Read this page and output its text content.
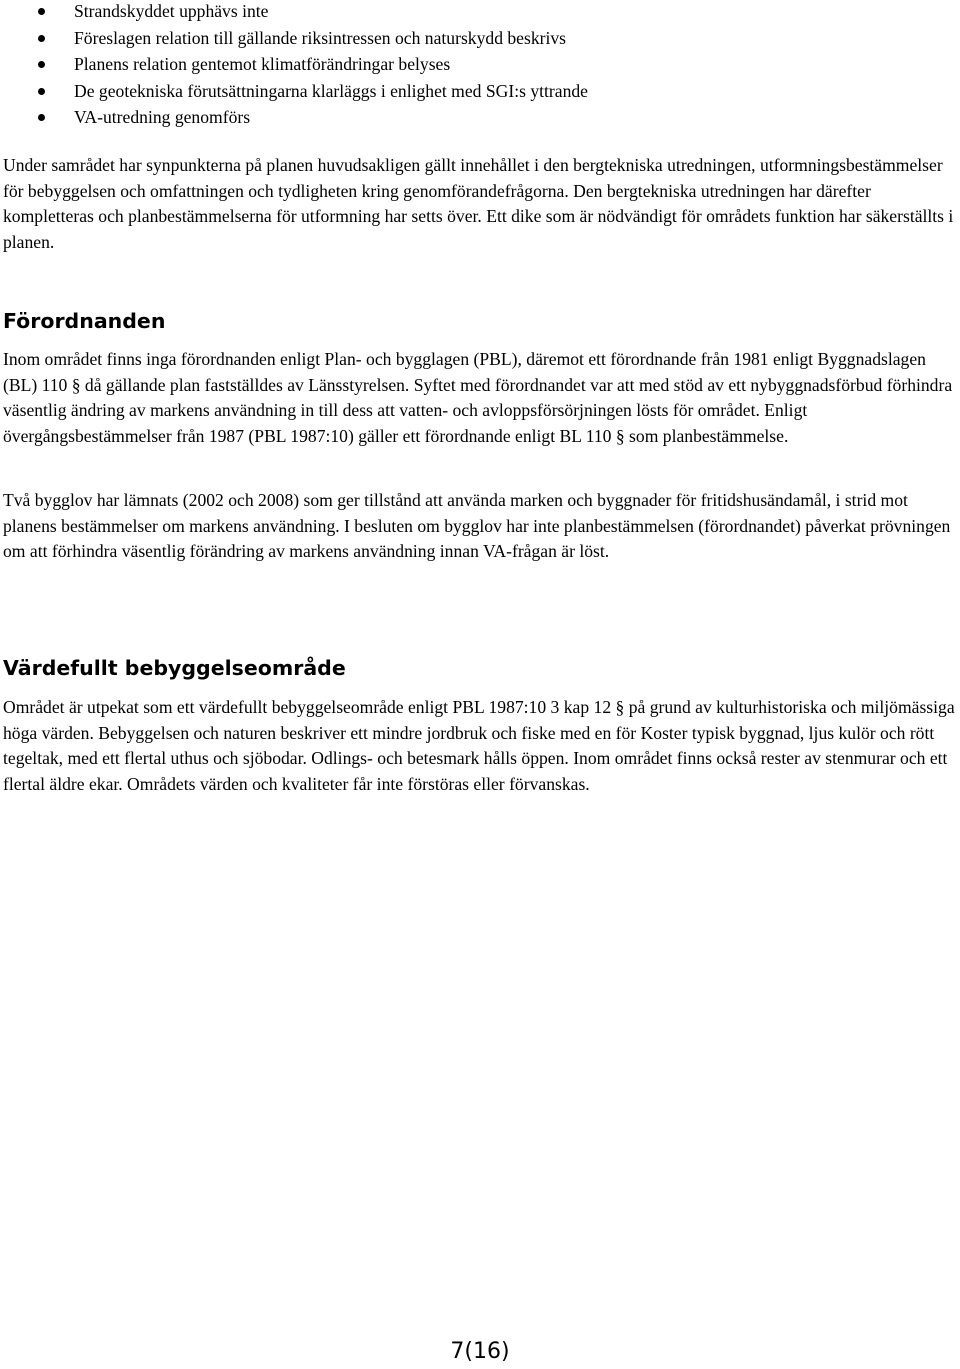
Strandskyddet upphävs inte
Föreslagen relation till gällande riksintressen och naturskydd beskrivs
Planens relation gentemot klimatförändringar belyses
De geotekniska förutsättningarna klarläggs i enlighet med SGI:s yttrande
VA-utredning genomförs

Under samrådet har synpunkterna på planen huvudsakligen gällt innehållet i den bergtekniska utredningen, utformningsbestämmelser för bebyggelsen och omfattningen och tydligheten kring genomförandefrågorna. Den bergtekniska utredningen har därefter kompletteras och planbestämmelserna för utformning har setts över. Ett dike som är nödvändigt för områdets funktion har säkerställts i planen.

Förordnanden

Inom området finns inga förordnanden enligt Plan- och bygglagen (PBL), däremot ett förordnande från 1981 enligt Byggnadslagen (BL) 110 § då gällande plan fastställdes av Länsstyrelsen. Syftet med förordnandet var att med stöd av ett nybyggnadsförbud förhindra väsentlig ändring av markens användning in till dess att vatten- och avloppsförsörjningen lösts för området. Enligt övergångsbestämmelser från 1987 (PBL 1987:10) gäller ett förordnande enligt BL 110 § som planbestämmelse.

Två bygglov har lämnats (2002 och 2008) som ger tillstånd att använda marken och byggnader för fritidshusändamål, i strid mot planens bestämmelser om markens användning. I besluten om bygglov har inte planbestämmelsen (förordnandet) påverkat prövningen om att förhindra väsentlig förändring av markens användning innan VA-frågan är löst.

Värdefullt bebyggelseområde

Området är utpekat som ett värdefullt bebyggelseområde enligt PBL 1987:10 3 kap 12 § på grund av kulturhistoriska och miljömässiga höga värden. Bebyggelsen och naturen beskriver ett mindre jordbruk och fiske med en för Koster typisk byggnad, ljus kulör och rött tegeltak, med ett flertal uthus och sjöbodar. Odlings- och betesmark hålls öppen. Inom området finns också rester av stenmurar och ett flertal äldre ekar. Områdets värden och kvaliteter får inte förstöras eller förvanskas.

7(16)
